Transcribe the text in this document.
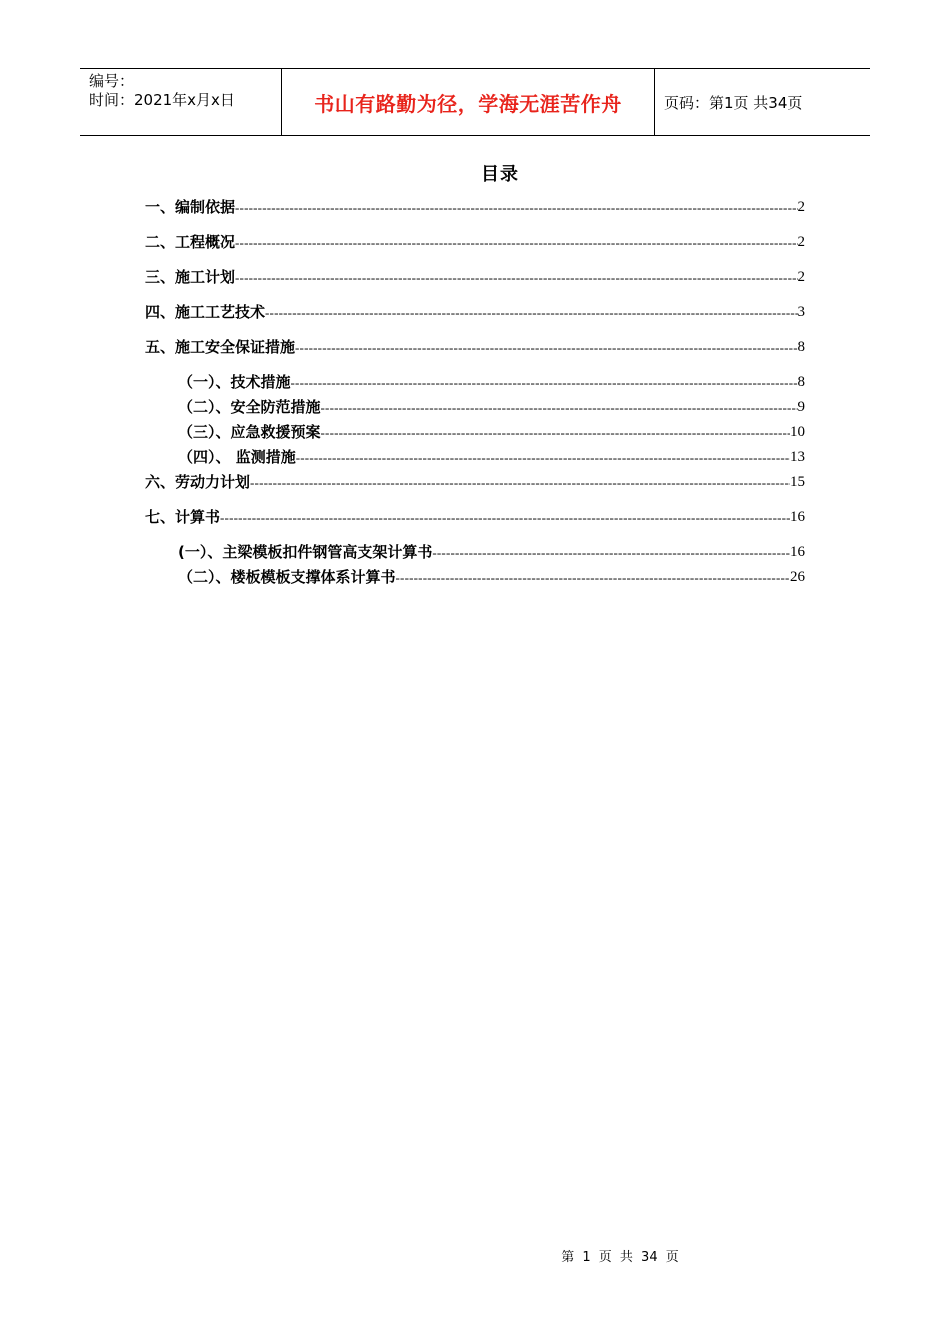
编号：
时间：2021年x月x日	书山有路勤为径，学海无涯苦作舟	页码：第1页 共34页
目录
一、编制依据 -----	2
二、工程概况 -----	2
三、施工计划 -----	2
四、施工工艺技术 -----	3
五、施工安全保证措施 -----	8
（一）、技术措施 -----	8
（二）、安全防范措施 -----	9
（三）、应急救援预案 -----	10
（四）、 监测措施 -----	13
六、劳动力计划 -----	15
七、计算书 -----	16
(一）、主梁模板扣件钢管高支架计算书 -----	16
（二）、楼板模板支撑体系计算书 -----	26
第 1 页 共 34 页
